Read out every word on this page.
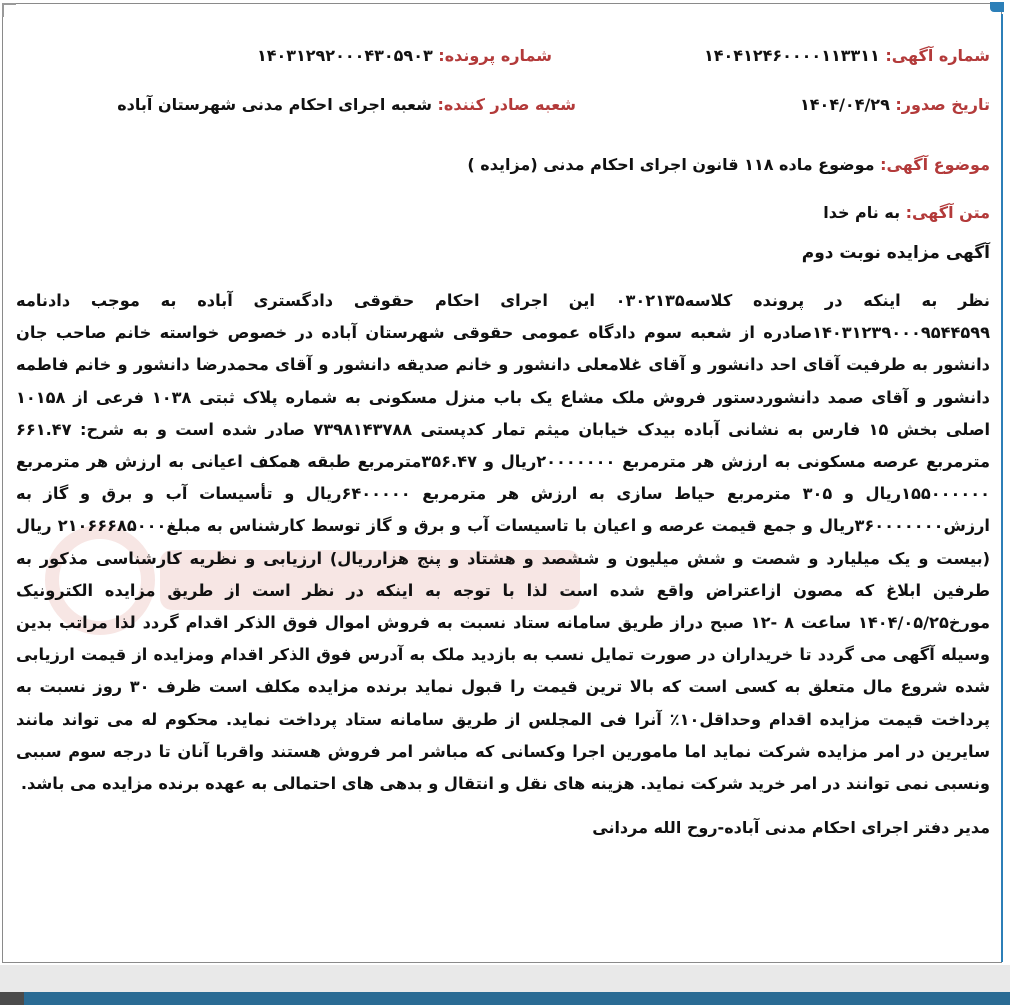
شماره آگهی: ۱۴۰۴۱۲۴۶۰۰۰۰۱۱۳۳۱۱
شماره پرونده: ۱۴۰۳۱۲۹۲۰۰۰۴۳۰۵۹۰۳
تاریخ صدور: ۱۴۰۴/۰۴/۲۹
شعبه صادر کننده: شعبه اجرای احکام مدنی شهرستان آباده
موضوع آگهی: موضوع ماده ۱۱۸ قانون اجرای احکام مدنی (مزایده )
متن آگهی: به نام خدا
آگهی مزایده نوبت دوم
نظر به اینکه در پرونده کلاسه۰۳۰۲۱۳۵ این اجرای احکام حقوقی دادگستری آباده به موجب دادنامه ۱۴۰۳۱۲۳۹۰۰۰۹۵۴۴۵۹۹صادره از شعبه سوم دادگاه عمومی حقوقی شهرستان آباده در خصوص خواسته خانم صاحب جان دانشور به طرفیت آقای احد دانشور و آقای غلامعلی دانشور و خانم صدیقه دانشور و آقای محمدرضا دانشور و خانم فاطمه دانشور و آقای صمد دانشوردستور فروش ملک مشاع یک باب منزل مسکونی به شماره پلاک ثبتی ۱۰۳۸ فرعی از ۱۰۱۵۸ اصلی بخش ۱۵ فارس به نشانی آباده بیدک خیابان میثم تمار کدپستی ۷۳۹۸۱۴۳۷۸۸ صادر شده است و به شرح: ۶۶۱.۴۷ مترمربع عرصه مسکونی به ارزش هر مترمربع ۲۰۰۰۰۰۰۰ریال و ۳۵۶.۴۷مترمربع طبقه همکف اعیانی به ارزش هر مترمربع ۱۵۵۰۰۰۰۰۰ریال و ۳۰۵ مترمربع حیاط سازی به ارزش هر مترمربع ۶۴۰۰۰۰۰ریال و تأسیسات آب و برق و گاز به ارزش۳۶۰۰۰۰۰۰۰ریال و جمع قیمت عرصه و اعیان با تاسیسات آب و برق و گاز توسط کارشناس به مبلغ۲۱۰۶۶۶۸۵۰۰۰ ریال (بیست و یک میلیارد و شصت و شش میلیون و ششصد و هشتاد و پنج هزارریال) ارزیابی و نظریه کارشناسی مذکور به طرفین ابلاغ که مصون ازاعتراض واقع شده است لذا با توجه به اینکه در نظر است از طریق مزایده الکترونیک مورخ۱۴۰۴/۰۵/۲۵ ساعت ۸ -۱۲ صبح دراز طریق سامانه ستاد نسبت به فروش اموال فوق الذکر اقدام گردد لذا مراتب بدین وسیله آگهی می گردد تا خریداران در صورت تمایل نسب به بازدید ملک به آدرس فوق الذکر اقدام ومزایده از قیمت ارزیابی شده شروع مال متعلق به کسی است که بالا ترین قیمت را قبول نماید برنده مزایده مکلف است ظرف ۳۰ روز نسبت به پرداخت قیمت مزایده اقدام وحداقل۱۰٪ آنرا فی المجلس از طریق سامانه ستاد پرداخت نماید. محکوم له می تواند مانند سایرین در امر مزایده شرکت نماید اما مامورین اجرا وکسانی که مباشر امر فروش هستند واقربا آنان تا درجه سوم سببی ونسبی نمی توانند در امر خرید شرکت نماید. هزینه های نقل و انتقال و بدهی های احتمالی به عهده برنده مزایده می باشد.
مدیر دفتر اجرای احکام مدنی آباده-روح الله مردانی
